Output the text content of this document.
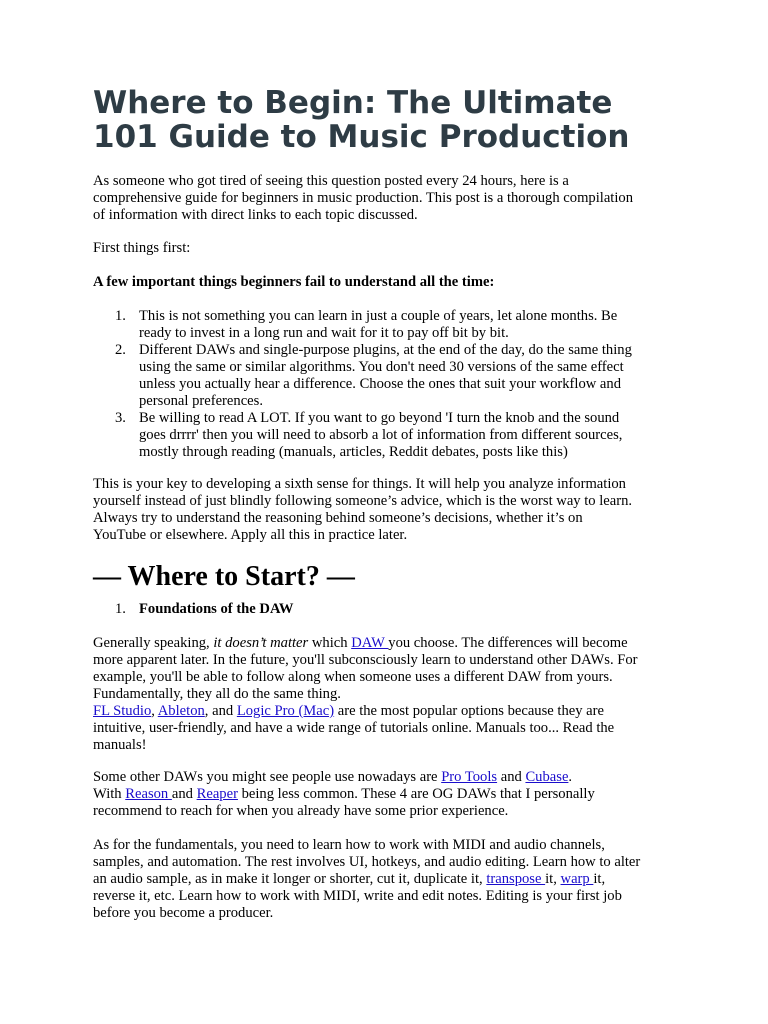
Where to Begin: The Ultimate
101 Guide to Music Production

As someone who got tired of seeing this question posted every 24 hours, here is a
comprehensive guide for beginners in music production. This post is a thorough compilation
of information with direct links to each topic discussed.

First things first:

A few important things beginners fail to understand all the time:

1. This is not something you can learn in just a couple of years, let alone months. Be
ready to invest in a long run and wait for it to pay off bit by bit.
2. Different DAWs and single-purpose plugins, at the end of the day, do the same thing
using the same or similar algorithms. You don't need 30 versions of the same effect
unless you actually hear a difference. Choose the ones that suit your workflow and
personal preferences.
3. Be willing to read A LOT. If you want to go beyond 'I turn the knob and the sound
goes drrrr' then you will need to absorb a lot of information from different sources,
mostly through reading (manuals, articles, Reddit debates, posts like this)

This is your key to developing a sixth sense for things. It will help you analyze information
yourself instead of just blindly following someone’s advice, which is the worst way to learn.
Always try to understand the reasoning behind someone’s decisions, whether it’s on
YouTube or elsewhere. Apply all this in practice later.

— Where to Start? —
1. Foundations of the DAW

Generally speaking, it doesn’t matter which DAW you choose. The differences will become
more apparent later. In the future, you'll subconsciously learn to understand other DAWs. For
example, you'll be able to follow along when someone uses a different DAW from yours.
Fundamentally, they all do the same thing.
FL Studio, Ableton, and Logic Pro (Mac) are the most popular options because they are
intuitive, user-friendly, and have a wide range of tutorials online. Manuals too... Read the
manuals!

Some other DAWs you might see people use nowadays are Pro Tools and Cubase.
With Reason and Reaper being less common. These 4 are OG DAWs that I personally
recommend to reach for when you already have some prior experience.

As for the fundamentals, you need to learn how to work with MIDI and audio channels,
samples, and automation. The rest involves UI, hotkeys, and audio editing. Learn how to alter
an audio sample, as in make it longer or shorter, cut it, duplicate it, transpose it, warp it,
reverse it, etc. Learn how to work with MIDI, write and edit notes. Editing is your first job
before you become a producer.
